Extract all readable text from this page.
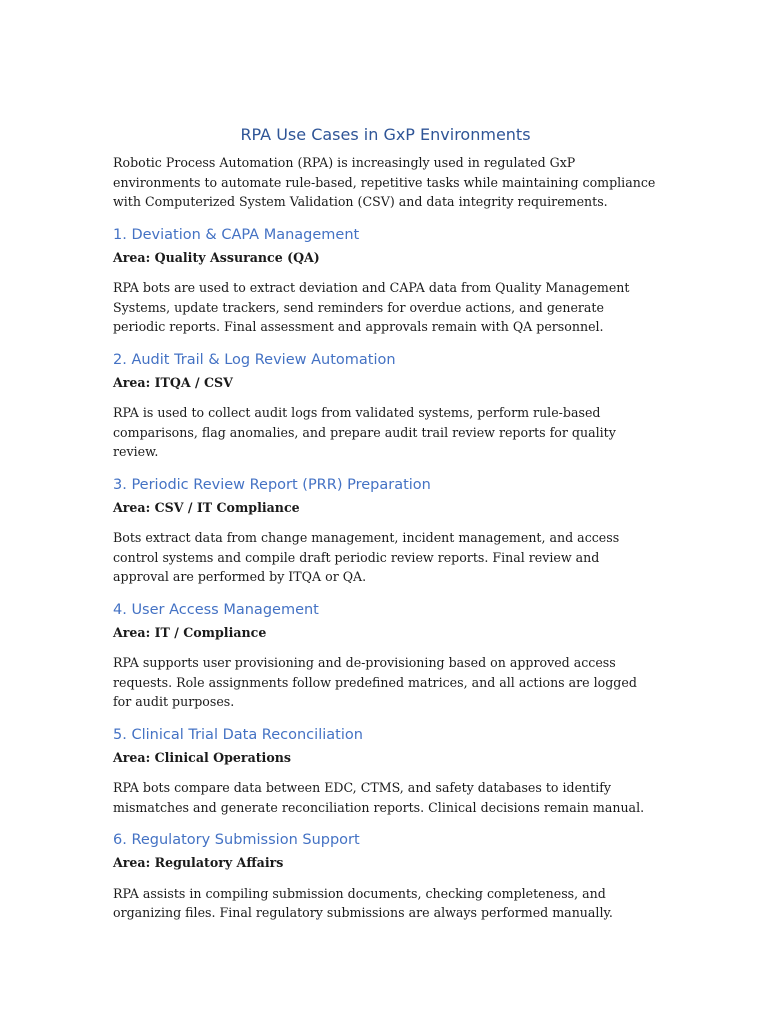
RPA Use Cases in GxP Environments

Robotic Process Automation (RPA) is increasingly used in regulated GxP environments to automate rule-based, repetitive tasks while maintaining compliance with Computerized System Validation (CSV) and data integrity requirements.

1. Deviation & CAPA Management

Area: Quality Assurance (QA)

RPA bots are used to extract deviation and CAPA data from Quality Management Systems, update trackers, send reminders for overdue actions, and generate periodic reports. Final assessment and approvals remain with QA personnel.

2. Audit Trail & Log Review Automation

Area: ITQA / CSV

RPA is used to collect audit logs from validated systems, perform rule-based comparisons, flag anomalies, and prepare audit trail review reports for quality review.

3. Periodic Review Report (PRR) Preparation

Area: CSV / IT Compliance

Bots extract data from change management, incident management, and access control systems and compile draft periodic review reports. Final review and approval are performed by ITQA or QA.

4. User Access Management

Area: IT / Compliance

RPA supports user provisioning and de-provisioning based on approved access requests. Role assignments follow predefined matrices, and all actions are logged for audit purposes.

5. Clinical Trial Data Reconciliation

Area: Clinical Operations

RPA bots compare data between EDC, CTMS, and safety databases to identify mismatches and generate reconciliation reports. Clinical decisions remain manual.

6. Regulatory Submission Support

Area: Regulatory Affairs

RPA assists in compiling submission documents, checking completeness, and organizing files. Final regulatory submissions are always performed manually.
